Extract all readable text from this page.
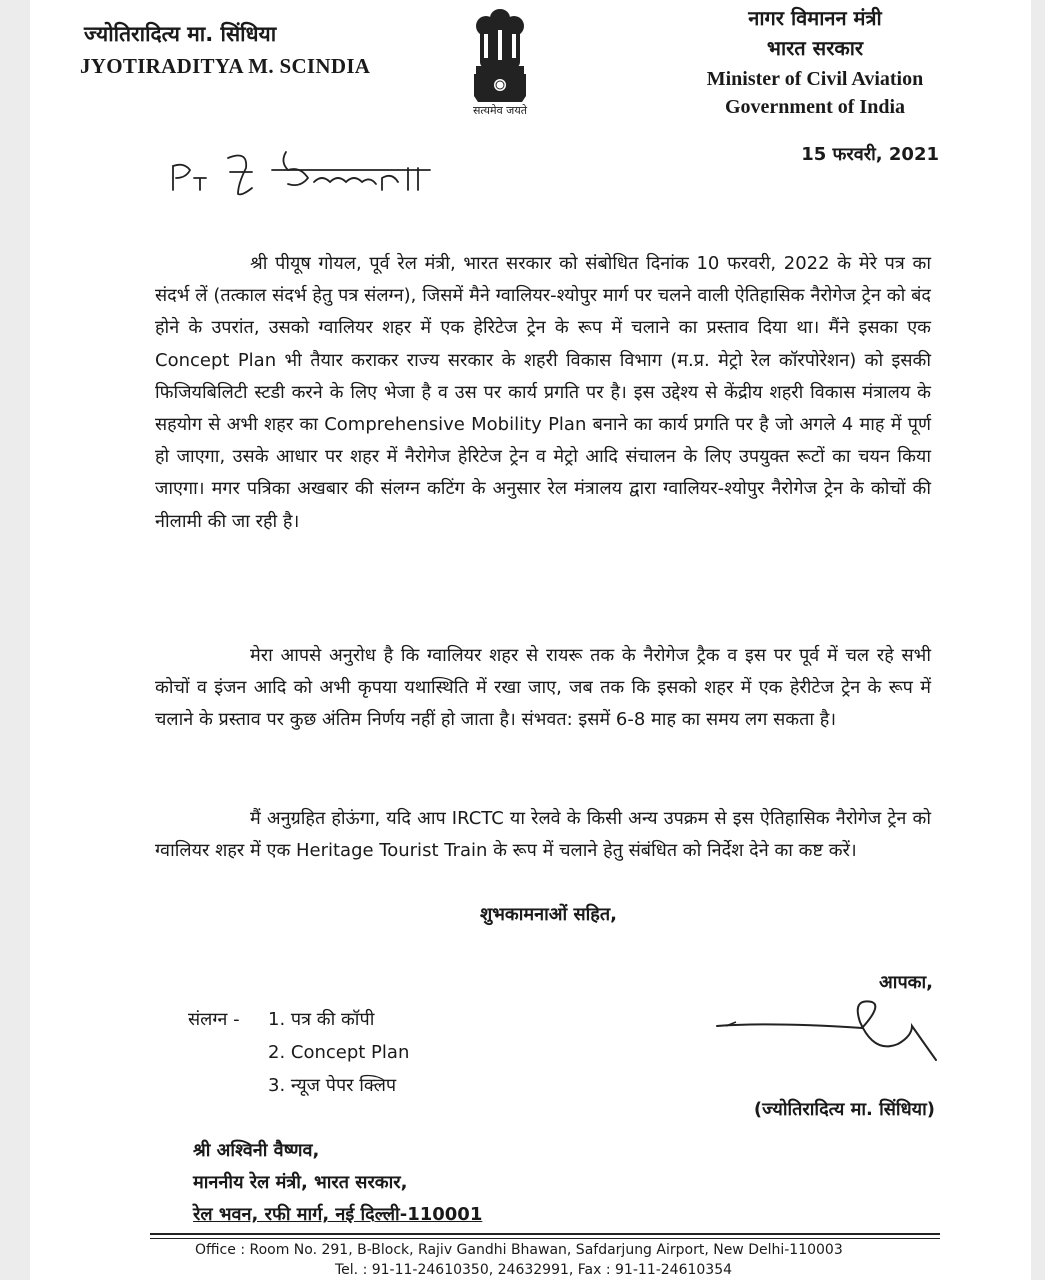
ज्योतिरादित्य मा. सिंधिया
JYOTIRADITYA M. SCINDIA
सत्यमेव जयते
नागर विमानन मंत्री
भारत सरकार
Minister of Civil Aviation
Government of India
15 फरवरी, 2021
श्री पीयूष गोयल, पूर्व रेल मंत्री, भारत सरकार को संबोधित दिनांक 10 फरवरी, 2022 के मेरे पत्र का संदर्भ लें (तत्काल संदर्भ हेतु पत्र संलग्न), जिसमें मैने ग्वालियर-श्योपुर मार्ग पर चलने वाली ऐतिहासिक नैरोगेज ट्रेन को बंद होने के उपरांत, उसको ग्वालियर शहर में एक हेरिटेज ट्रेन के रूप में चलाने का प्रस्ताव दिया था। मैंने इसका एक Concept Plan भी तैयार कराकर राज्य सरकार के शहरी विकास विभाग (म.प्र. मेट्रो रेल कॉरपोरेशन) को इसकी फिजियबिलिटी स्टडी करने के लिए भेजा है व उस पर कार्य प्रगति पर है। इस उद्देश्य से केंद्रीय शहरी विकास मंत्रालय के सहयोग से अभी शहर का Comprehensive Mobility Plan बनाने का कार्य प्रगति पर है जो अगले 4 माह में पूर्ण हो जाएगा, उसके आधार पर शहर में नैरोगेज हेरिटेज ट्रेन व मेट्रो आदि संचालन के लिए उपयुक्त रूटों का चयन किया जाएगा। मगर पत्रिका अखबार की संलग्न कटिंग के अनुसार रेल मंत्रालय द्वारा ग्वालियर-श्योपुर नैरोगेज ट्रेन के कोचों की नीलामी की जा रही है।
मेरा आपसे अनुरोध है कि ग्वालियर शहर से रायरू तक के नैरोगेज ट्रैक व इस पर पूर्व में चल रहे सभी कोचों व इंजन आदि को अभी कृपया यथास्थिति में रखा जाए, जब तक कि इसको शहर में एक हेरीटेज ट्रेन के रूप में चलाने के प्रस्ताव पर कुछ अंतिम निर्णय नहीं हो जाता है। संभवत: इसमें 6-8 माह का समय लग सकता है।
मैं अनुग्रहित होऊंगा, यदि आप IRCTC या रेलवे के किसी अन्य उपक्रम से इस ऐतिहासिक नैरोगेज ट्रेन को ग्वालियर शहर में एक Heritage Tourist Train के रूप में चलाने हेतु संबंधित को निर्देश देने का कष्ट करें।
शुभकामनाओं सहित,
आपका,
संलग्न - 1. पत्र की कॉपी
2. Concept Plan
3. न्यूज पेपर क्लिप
(ज्योतिरादित्य मा. सिंधिया)
श्री अश्विनी वैष्णव,
माननीय रेल मंत्री, भारत सरकार,
रेल भवन, रफी मार्ग, नई दिल्ली-110001
Office : Room No. 291, B-Block, Rajiv Gandhi Bhawan, Safdarjung Airport, New Delhi-110003
Tel. : 91-11-24610350, 24632991, Fax : 91-11-24610354
